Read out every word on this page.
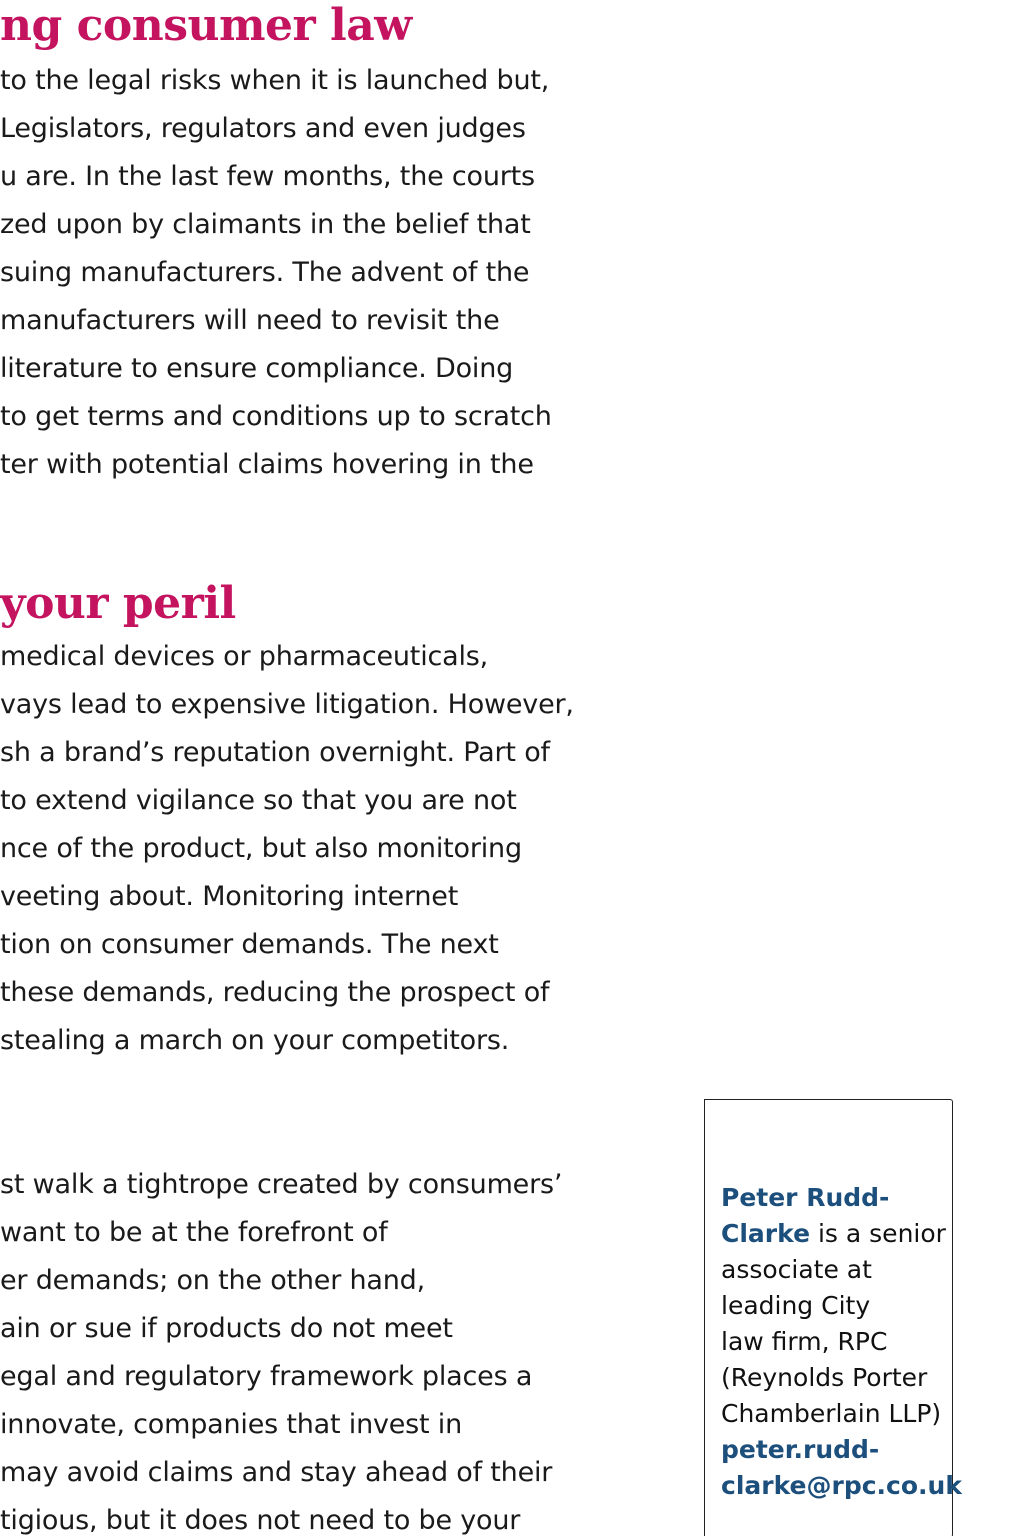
ng consumer law
to the legal risks when it is launched but,
Legislators, regulators and even judges
u are. In the last few months, the courts
zed upon by claimants in the belief that
suing manufacturers. The advent of the
manufacturers will need to revisit the
literature to ensure compliance. Doing
to get terms and conditions up to scratch
ter with potential claims hovering in the
your peril
medical devices or pharmaceuticals,
vays lead to expensive litigation. However,
sh a brand’s reputation overnight. Part of
to extend vigilance so that you are not
nce of the product, but also monitoring
veeting about. Monitoring internet
tion on consumer demands. The next
these demands, reducing the prospect of
stealing a march on your competitors.
st walk a tightrope created by consumers’
want to be at the forefront of
er demands; on the other hand,
ain or sue if products do not meet
egal and regulatory framework places a
innovate, companies that invest in
may avoid claims and stay ahead of their
tigious, but it does not need to be your
Peter Rudd-
Clarke is a senior
associate at
leading City
law firm, RPC
(Reynolds Porter
Chamberlain LLP)
peter.rudd-
clarke@rpc.co.uk
